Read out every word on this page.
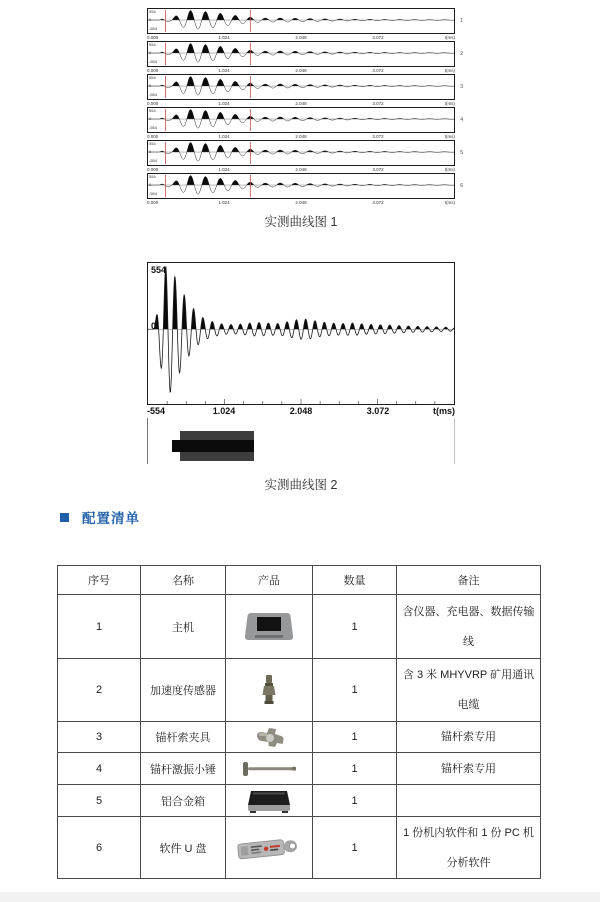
554
0
-554
0.000	1.024	2.048	3.072	t(ms)
1
554
0
-554
0.000	1.024	2.048	3.072	t(ms)
2
554
0
-554
0.000	1.024	2.048	3.072	t(ms)
3
554
0
-554
0.000	1.024	2.048	3.072	t(ms)
4
554
0
-554
0.000	1.024	2.048	3.072	t(ms)
5
554
0
-554
0.000	1.024	2.048	3.072	t(ms)
6
实测曲线图 1
554
0
-554	1.024	2.048	3.072	t(ms)
实测曲线图 2
配置清单
序号	名称	产品	数量	备注
1	主机		1	含仪器、充电器、数据传输线
2	加速度传感器		1	含 3 米 MHYVRP 矿用通讯电缆
3	锚杆索夹具		1	锚杆索专用
4	锚杆激振小锤		1	锚杆索专用
5	铝合金箱		1	
6	软件 U 盘		1	1 份机内软件和 1 份 PC 机分析软件
